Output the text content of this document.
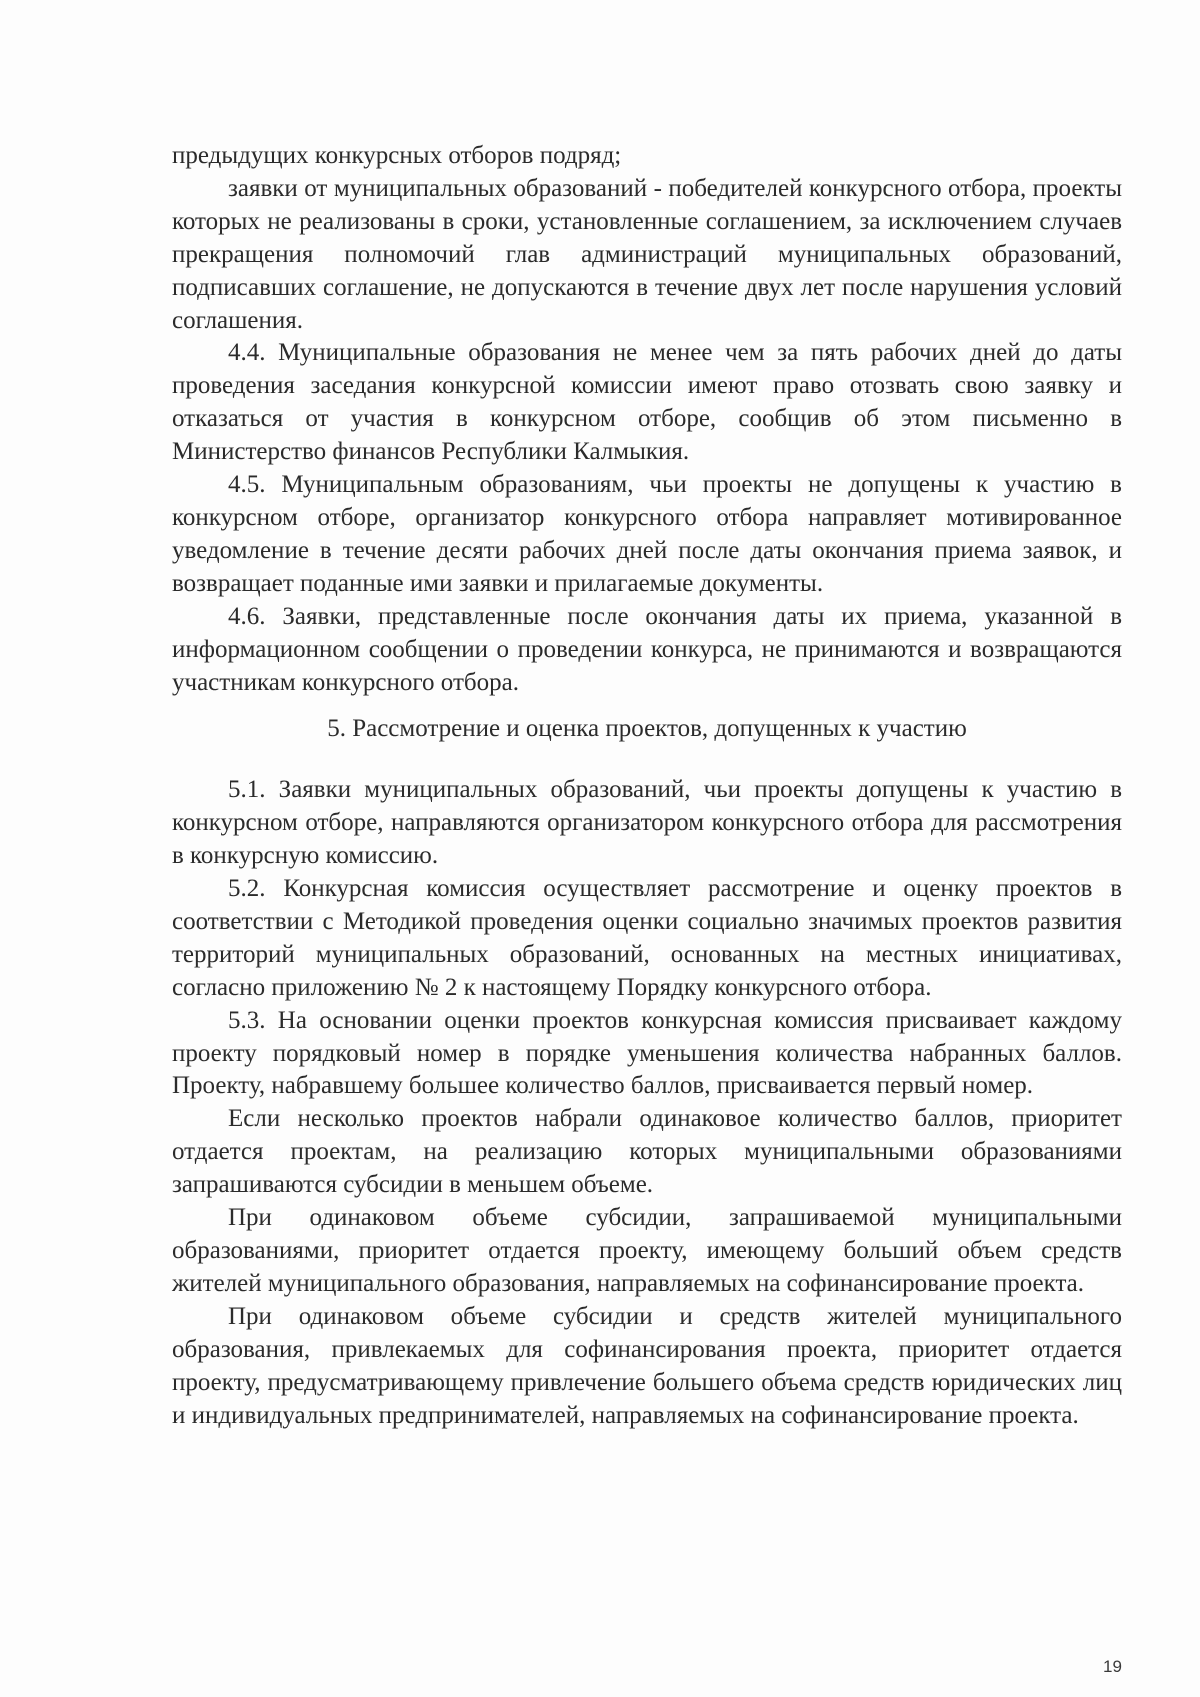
предыдущих конкурсных отборов подряд;

заявки от муниципальных образований - победителей конкурсного отбора, проекты которых не реализованы в сроки, установленные соглашением, за исключением случаев прекращения полномочий глав администраций муниципальных образований, подписавших соглашение, не допускаются в течение двух лет после нарушения условий соглашения.

4.4. Муниципальные образования не менее чем за пять рабочих дней до даты проведения заседания конкурсной комиссии имеют право отозвать свою заявку и отказаться от участия в конкурсном отборе, сообщив об этом письменно в Министерство финансов Республики Калмыкия.

4.5. Муниципальным образованиям, чьи проекты не допущены к участию в конкурсном отборе, организатор конкурсного отбора направляет мотивированное уведомление в течение десяти рабочих дней после даты окончания приема заявок, и возвращает поданные ими заявки и прилагаемые документы.

4.6. Заявки, представленные после окончания даты их приема, указанной в информационном сообщении о проведении конкурса, не принимаются и возвращаются участникам конкурсного отбора.

5. Рассмотрение и оценка проектов, допущенных к участию

5.1. Заявки муниципальных образований, чьи проекты допущены к участию в конкурсном отборе, направляются организатором конкурсного отбора для рассмотрения в конкурсную комиссию.

5.2. Конкурсная комиссия осуществляет рассмотрение и оценку проектов в соответствии с Методикой проведения оценки социально значимых проектов развития территорий муниципальных образований, основанных на местных инициативах, согласно приложению № 2 к настоящему Порядку конкурсного отбора.

5.3. На основании оценки проектов конкурсная комиссия присваивает каждому проекту порядковый номер в порядке уменьшения количества набранных баллов. Проекту, набравшему большее количество баллов, присваивается первый номер.

Если несколько проектов набрали одинаковое количество баллов, приоритет отдается проектам, на реализацию которых муниципальными образованиями запрашиваются субсидии в меньшем объеме.

При одинаковом объеме субсидии, запрашиваемой муниципальными образованиями, приоритет отдается проекту, имеющему больший объем средств жителей муниципального образования, направляемых на софинансирование проекта.

При одинаковом объеме субсидии и средств жителей муниципального образования, привлекаемых для софинансирования проекта, приоритет отдается проекту, предусматривающему привлечение большего объема средств юридических лиц и индивидуальных предпринимателей, направляемых на софинансирование проекта.

19
